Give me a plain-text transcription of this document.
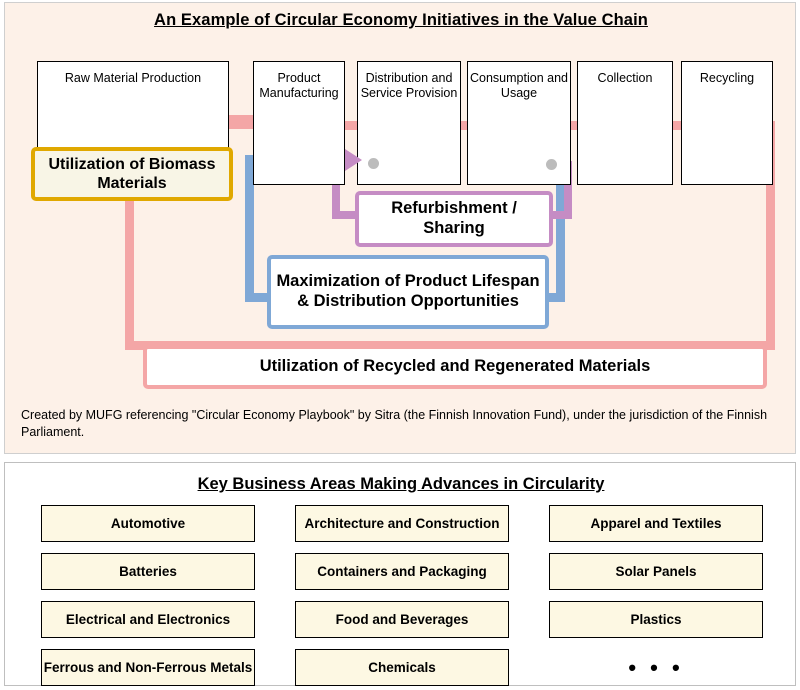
An Example of Circular Economy Initiatives in the Value Chain
Raw Material Production	Product Manufacturing
Distribution and Service Provision
Consumption and Usage
Collection	Recycling
Utilization of Biomass Materials
Refurbishment / Sharing
Maximization of Product Lifespan & Distribution Opportunities
Utilization of Recycled and Regenerated Materials
Created by MUFG referencing "Circular Economy Playbook" by Sitra (the Finnish Innovation Fund), under the jurisdiction of the Finnish Parliament.
Key Business Areas Making Advances in Circularity
Automotive
Batteries
Electrical and Electronics
Ferrous and Non-Ferrous Metals
Architecture and Construction
Containers and Packaging
Food and Beverages
Chemicals
Apparel and Textiles
Solar Panels
Plastics
• • •
